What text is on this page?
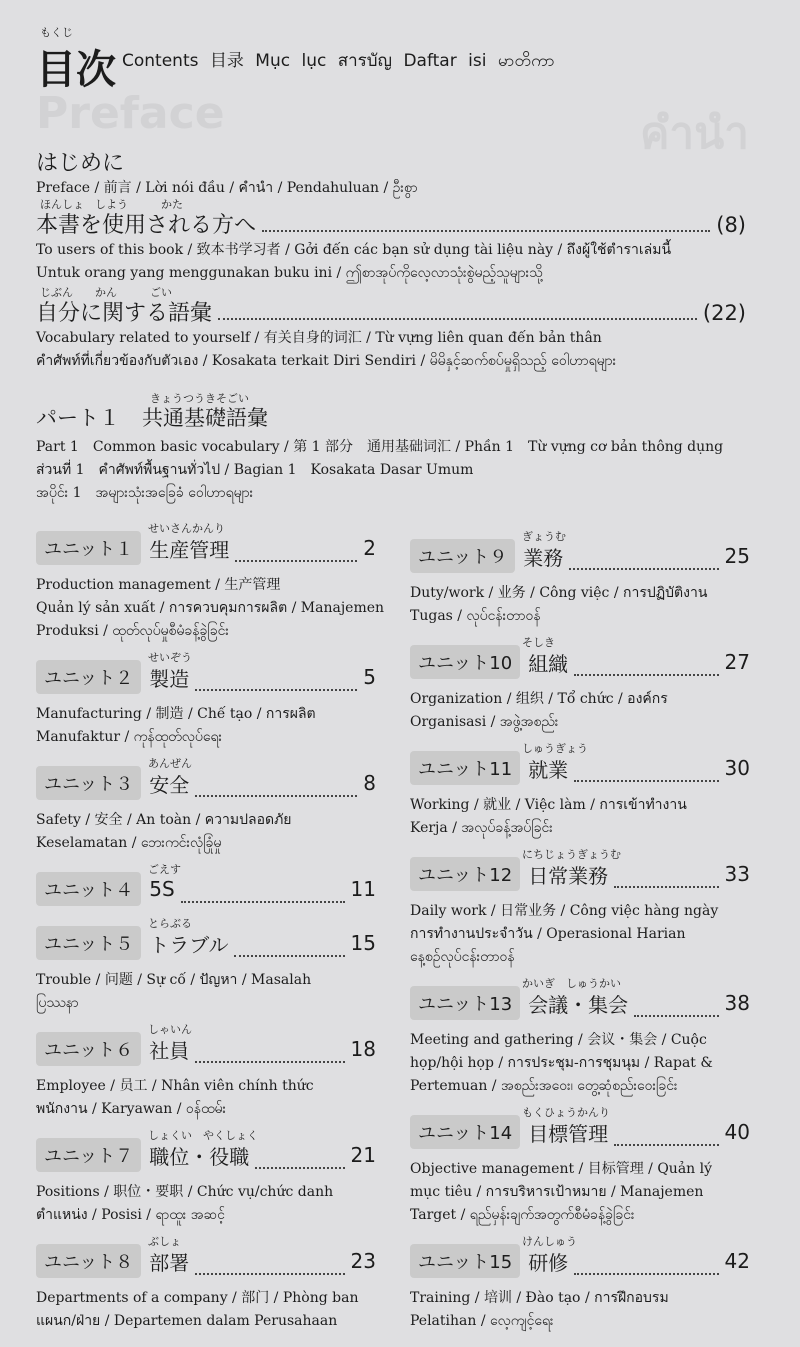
Preface	คำนำ
もくじ
目次 Contents 目录 Mục lục สารบัญ Daftar isi မာတိကာ
はじめに

Preface / 前言 / Lời nói đầu / คำนำ / Pendahuluan / ဦးစွာ

ほんしょ　しよう　　　かた
本書を使用される方へ	(8)

To users of this book / 致本书学习者 / Gởi đến các bạn sử dụng tài liệu này / ถึงผู้ใช้ตำราเล่มนี้

Untuk orang yang menggunakan buku ini / ဤစာအုပ်ကိုလေ့လာသုံးစွဲမည့်သူများသို့

じぶん　　かん　　　ごい
自分に関する語彙	(22)

Vocabulary related to yourself / 有关自身的词汇 / Từ vựng liên quan đến bản thân

คำศัพท์ที่เกี่ยวข้องกับตัวเอง / Kosakata terkait Diri Sendiri / မိမိနှင့်ဆက်စပ်မှုရှိသည့် ဝေါဟာရများ

きょうつうきそごい
パート１ 共通基礎語彙

Part 1　Common basic vocabulary / 第 1 部分　通用基础词汇 / Phần 1　Từ vựng cơ bản thông dụng

ส่วนที่ 1　คำศัพท์พื้นฐานทั่วไป / Bagian 1　Kosakata Dasar Umum

အပိုင်း 1　အများသုံးအခြေခံ ဝေါဟာရများ

ユニット１
せいさんかんり
生産管理	2

Production management / 生产管理

Quản lý sản xuất / การควบคุมการผลิต / Manajemen

Produksi / ထုတ်လုပ်မှုစီမံခန့်ခွဲခြင်း

ユニット２
せいぞう
製造	5

Manufacturing / 制造 / Chế tạo / การผลิต

Manufaktur / ကုန်ထုတ်လုပ်ရေး

ユニット３
あんぜん
安全	8

Safety / 安全 / An toàn / ความปลอดภัย

Keselamatan / ဘေးကင်းလုံခြုံမှု

ユニット４
ごえす
5S	11
ユニット５
とらぶる
トラブル	15

Trouble / 问题 / Sự cố / ปัญหา / Masalah

ပြဿနာ

ユニット６
しゃいん
社員	18

Employee / 员工 / Nhân viên chính thức

พนักงาน / Karyawan / ဝန်ထမ်း

ユニット７
しょくい　やくしょく
職位・役職	21

Positions / 职位・要职 / Chức vụ/chức danh

ตำแหน่ง / Posisi / ရာထူး အဆင့်

ユニット８
ぶしょ
部署	23

Departments of a company / 部门 / Phòng ban

แผนก/ฝ่าย / Departemen dalam Perusahaan

ユニット９
ぎょうむ
業務	25

Duty/work / 业务 / Công việc / การปฏิบัติงาน

Tugas / လုပ်ငန်းတာဝန်

ユニット10
そしき
組織	27

Organization / 组织 / Tổ chức / องค์กร

Organisasi / အဖွဲ့အစည်း

ユニット11
しゅうぎょう
就業	30

Working / 就业 / Việc làm / การเข้าทำงาน

Kerja / အလုပ်ခန့်အပ်ခြင်း

ユニット12
にちじょうぎょうむ
日常業務	33

Daily work / 日常业务 / Công việc hàng ngày

การทำงานประจำวัน / Operasional Harian

နေ့စဉ်လုပ်ငန်းတာဝန်

ユニット13
かいぎ　しゅうかい
会議・集会	38

Meeting and gathering / 会议・集会 / Cuộc

họp/hội họp / การประชุม-การชุมนุม / Rapat &

Pertemuan / အစည်းအဝေး၊ တွေ့ဆုံစည်းဝေးခြင်း

ユニット14
もくひょうかんり
目標管理	40

Objective management / 目标管理 / Quản lý

mục tiêu / การบริหารเป้าหมาย / Manajemen

Target / ရည်မှန်းချက်အတွက်စီမံခန့်ခွဲခြင်း

ユニット15
けんしゅう
研修	42

Training / 培训 / Đào tạo / การฝึกอบรม

Pelatihan / လေ့ကျင့်ရေး
